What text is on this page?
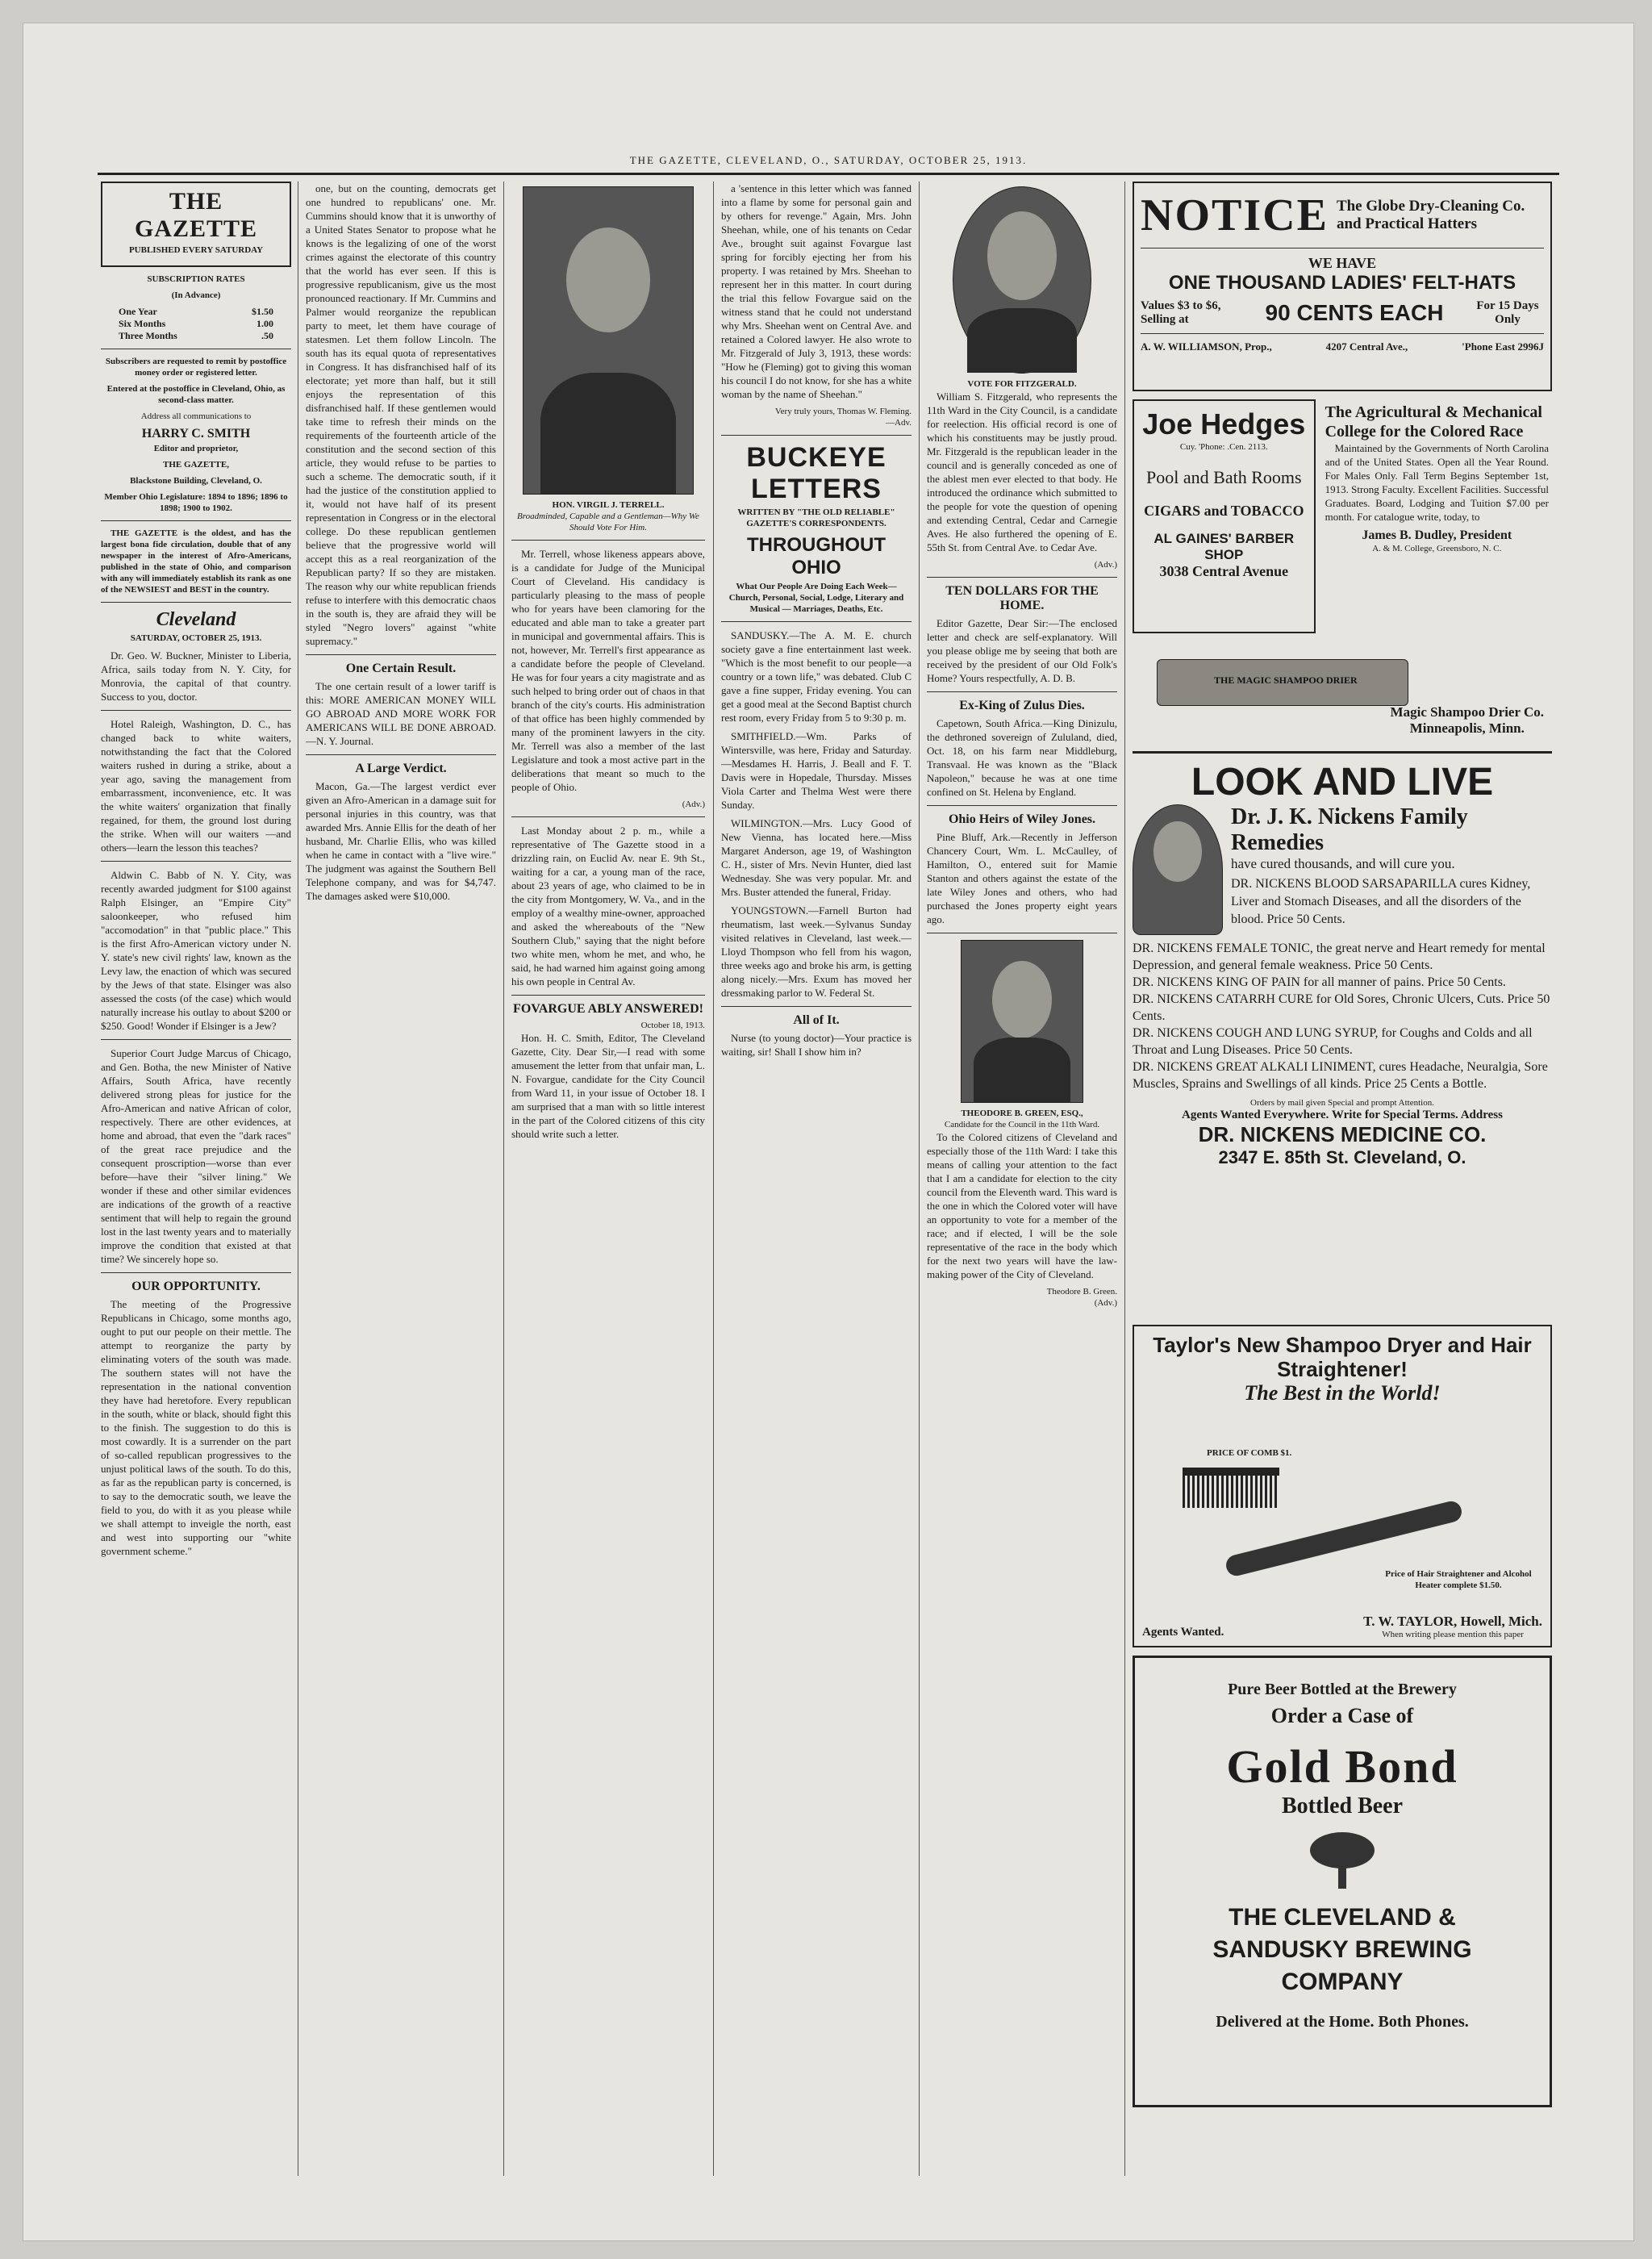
THE GAZETTE, CLEVELAND, O., SATURDAY, OCTOBER 25, 1913.
THE GAZETTE
PUBLISHED EVERY SATURDAY
SUBSCRIPTION RATES
(In Advance)
One Year	$1.50
Six Months	1.00
Three Months	.50
Subscribers are requested to remit by postoffice money order or registered letter.
Entered at the postoffice in Cleveland, Ohio, as second-class matter.
Address all communications to
HARRY C. SMITH
Editor and proprietor,
THE GAZETTE,
Blackstone Building, Cleveland, O.
Member Ohio Legislature: 1894 to 1896; 1896 to 1898; 1900 to 1902.

THE GAZETTE is the oldest, and has the largest bona fide circulation, double that of any newspaper in the interest of Afro-Americans, published in the state of Ohio, and comparison with any will immediately establish its rank as one of the NEWSIEST and BEST in the country.

Cleveland
SATURDAY, OCTOBER 25, 1913.

Dr. Geo. W. Buckner, Minister to Liberia, Africa, sails today from N. Y. City, for Monrovia, the capital of that country. Success to you, doctor.

Hotel Raleigh, Washington, D. C., has changed back to white waiters, notwithstanding the fact that the Colored waiters rushed in during a strike, about a year ago, saving the management from embarrassment, inconvenience, etc. It was the white waiters' organization that finally regained, for them, the ground lost during the strike. When will our waiters —and others—learn the lesson this teaches?

Aldwin C. Babb of N. Y. City, was recently awarded judgment for $100 against Ralph Elsinger, an "Empire City" saloonkeeper, who refused him "accomodation" in that "public place." This is the first Afro-American victory under N. Y. state's new civil rights' law, known as the Levy law, the enaction of which was secured by the Jews of that state. Elsinger was also assessed the costs (of the case) which would naturally increase his outlay to about $200 or $250. Good! Wonder if Elsinger is a Jew?

Superior Court Judge Marcus of Chicago, and Gen. Botha, the new Minister of Native Affairs, South Africa, have recently delivered strong pleas for justice for the Afro-American and native African of color, respectively. There are other evidences, at home and abroad, that even the "dark races" of the great race prejudice and the consequent proscription—worse than ever before—have their "silver lining." We wonder if these and other similar evidences are indications of the growth of a reactive sentiment that will help to regain the ground lost in the last twenty years and to materially improve the condition that existed at that time? We sincerely hope so.

OUR OPPORTUNITY.

The meeting of the Progressive Republicans in Chicago, some months ago, ought to put our people on their mettle. The attempt to reorganize the party by eliminating voters of the south was made. The southern states will not have the representation in the national convention they have had heretofore. Every republican in the south, white or black, should fight this to the finish. The suggestion to do this is most cowardly. It is a surrender on the part of so-called republican progressives to the unjust political laws of the south. To do this, as far as the republican party is concerned, is to say to the democratic south, we leave the field to you, do with it as you please while we shall attempt to inveigle the north, east and west into supporting our "white government scheme."

one, but on the counting, democrats get one hundred to republicans' one. Mr. Cummins should know that it is unworthy of a United States Senator to propose what he knows is the legalizing of one of the worst crimes against the electorate of this country that the world has ever seen. If this is progressive republicanism, give us the most pronounced reactionary. If Mr. Cummins and Palmer would reorganize the republican party to meet, let them have courage of statesmen. Let them follow Lincoln. The south has its equal quota of representatives in Congress. It has disfranchised half of its electorate; yet more than half, but it still enjoys the representation of this disfranchised half. If these gentlemen would take time to refresh their minds on the requirements of the fourteenth article of the constitution and the second section of this article, they would refuse to be parties to such a scheme. The democratic south, if it had the justice of the constitution applied to it, would not have half of its present representation in Congress or in the electoral college. Do these republican gentlemen believe that the progressive world will accept this as a real reorganization of the Republican party? If so they are mistaken. The reason why our white republican friends refuse to interfere with this democratic chaos in the south is, they are afraid they will be styled "Negro lovers" against "white supremacy."

One Certain Result.

The one certain result of a lower tariff is this: MORE AMERICAN MONEY WILL GO ABROAD AND MORE WORK FOR AMERICANS WILL BE DONE ABROAD.—N. Y. Journal.

A Large Verdict.

Macon, Ga.—The largest verdict ever given an Afro-American in a damage suit for personal injuries in this country, was that awarded Mrs. Annie Ellis for the death of her husband, Mr. Charlie Ellis, who was killed when he came in contact with a "live wire." The judgment was against the Southern Bell Telephone company, and was for $4,747. The damages asked were $10,000.

HON. VIRGIL J. TERRELL.
Broadminded, Capable and a Gentleman—Why We Should Vote For Him.

Mr. Terrell, whose likeness appears above, is a candidate for Judge of the Municipal Court of Cleveland. His candidacy is particularly pleasing to the mass of people who for years have been clamoring for the educated and able man to take a greater part in municipal and governmental affairs. This is not, however, Mr. Terrell's first appearance as a candidate before the people of Cleveland. He was for four years a city magistrate and as such helped to bring order out of chaos in that branch of the city's courts. His administration of that office has been highly commended by many of the prominent lawyers in the city. Mr. Terrell was also a member of the last Legislature and took a most active part in the deliberations that meant so much to the people of Ohio.

(Adv.)

Last Monday about 2 p. m., while a representative of The Gazette stood in a drizzling rain, on Euclid Av. near E. 9th St., waiting for a car, a young man of the race, about 23 years of age, who claimed to be in the city from Montgomery, W. Va., and in the employ of a wealthy mine-owner, approached and asked the whereabouts of the "New Southern Club," saying that the night before two white men, whom he met, and who, he said, he had warned him against going among his own people in Central Av.

FOVARGUE ABLY ANSWERED!
October 18, 1913.

Hon. H. C. Smith, Editor, The Cleveland Gazette, City. Dear Sir,—I read with some amusement the letter from that unfair man, L. N. Fovargue, candidate for the City Council from Ward 11, in your issue of October 18. I am surprised that a man with so little interest in the part of the Colored citizens of this city should write such a letter.

a 'sentence in this letter which was fanned into a flame by some for personal gain and by others for revenge." Again, Mrs. John Sheehan, while, one of his tenants on Cedar Ave., brought suit against Fovargue last spring for forcibly ejecting her from his property. I was retained by Mrs. Sheehan to represent her in this matter. In court during the trial this fellow Fovargue said on the witness stand that he could not understand why Mrs. Sheehan went on Central Ave. and retained a Colored lawyer. He also wrote to Mr. Fitzgerald of July 3, 1913, these words: "How he (Fleming) got to giving this woman his council I do not know, for she has a white woman by the name of Sheehan."

Very truly yours, Thomas W. Fleming.
—Adv.
BUCKEYE LETTERS
WRITTEN BY "THE OLD RELIABLE" GAZETTE'S CORRESPONDENTS.
THROUGHOUT OHIO
What Our People Are Doing Each Week—Church, Personal, Social, Lodge, Literary and Musical — Marriages, Deaths, Etc.

SANDUSKY.—The A. M. E. church society gave a fine entertainment last week. "Which is the most benefit to our people—a country or a town life," was debated. Club C gave a fine supper, Friday evening. You can get a good meal at the Second Baptist church rest room, every Friday from 5 to 9:30 p. m.

SMITHFIELD.—Wm. Parks of Wintersville, was here, Friday and Saturday.—Mesdames H. Harris, J. Beall and F. T. Davis were in Hopedale, Thursday. Misses Viola Carter and Thelma West were there Sunday.

WILMINGTON.—Mrs. Lucy Good of New Vienna, has located here.—Miss Margaret Anderson, age 19, of Washington C. H., sister of Mrs. Nevin Hunter, died last Wednesday. She was very popular. Mr. and Mrs. Buster attended the funeral, Friday.

YOUNGSTOWN.—Farnell Burton had rheumatism, last week.—Sylvanus Sunday visited relatives in Cleveland, last week.—Lloyd Thompson who fell from his wagon, three weeks ago and broke his arm, is getting along nicely.—Mrs. Exum has moved her dressmaking parlor to W. Federal St.

All of It.

Nurse (to young doctor)—Your practice is waiting, sir! Shall I show him in?

VOTE FOR FITZGERALD.

William S. Fitzgerald, who represents the 11th Ward in the City Council, is a candidate for reelection. His official record is one of which his constituents may be justly proud. Mr. Fitzgerald is the republican leader in the council and is generally conceded as one of the ablest men ever elected to that body. He introduced the ordinance which submitted to the people for vote the question of opening and extending Central, Cedar and Carnegie Aves. He also furthered the opening of E. 55th St. from Central Ave. to Cedar Ave.

(Adv.)
TEN DOLLARS FOR THE HOME.

Editor Gazette, Dear Sir:—The enclosed letter and check are self-explanatory. Will you please oblige me by seeing that both are received by the president of our Old Folk's Home? Yours respectfully, A. D. B.

Ex-King of Zulus Dies.

Capetown, South Africa.—King Dinizulu, the dethroned sovereign of Zululand, died, Oct. 18, on his farm near Middleburg, Transvaal. He was known as the "Black Napoleon," because he was at one time confined on St. Helena by England.

Ohio Heirs of Wiley Jones.

Pine Bluff, Ark.—Recently in Jefferson Chancery Court, Wm. L. McCaulley, of Hamilton, O., entered suit for Mamie Stanton and others against the estate of the late Wiley Jones and others, who had purchased the Jones property eight years ago.

THEODORE B. GREEN, ESQ.,
Candidate for the Council in the 11th Ward.

To the Colored citizens of Cleveland and especially those of the 11th Ward: I take this means of calling your attention to the fact that I am a candidate for election to the city council from the Eleventh ward. This ward is the one in which the Colored voter will have an opportunity to vote for a member of the race; and if elected, I will be the sole representative of the race in the body which for the next two years will have the law-making power of the City of Cleveland.

Theodore B. Green.
(Adv.)
NOTICE The Globe Dry-Cleaning Co. and Practical Hatters
WE HAVE
ONE THOUSAND LADIES' FELT-HATS
Values $3 to $6, Selling at	90 CENTS EACH	For 15 Days Only
A. W. WILLIAMSON, Prop.,	4207 Central Ave.,	'Phone East 2996J
Joe Hedges
Cuy. 'Phone: .Cen. 2113.
Pool and Bath Rooms
CIGARS and TOBACCO
AL GAINES' BARBER SHOP
3038 Central Avenue
The Agricultural & Mechanical College for the Colored Race

Maintained by the Governments of North Carolina and of the United States. Open all the Year Round. For Males Only. Fall Term Begins September 1st, 1913. Strong Faculty. Excellent Facilities. Successful Graduates. Board, Lodging and Tuition $7.00 per month. For catalogue write, today, to

James B. Dudley, President
A. & M. College, Greensboro, N. C.
THE MAGIC SHAMPOO DRIER
Magic Shampoo Drier Co.
Minneapolis, Minn.
LOOK AND LIVE
Dr. J. K. Nickens Family Remedies
have cured thousands, and will cure you.
DR. NICKENS BLOOD SARSAPARILLA cures Kidney, Liver and Stomach Diseases, and all the disorders of the blood. Price 50 Cents.
DR. NICKENS FEMALE TONIC, the great nerve and Heart remedy for mental Depression, and general female weakness. Price 50 Cents.
DR. NICKENS KING OF PAIN for all manner of pains. Price 50 Cents.
DR. NICKENS CATARRH CURE for Old Sores, Chronic Ulcers, Cuts. Price 50 Cents.
DR. NICKENS COUGH AND LUNG SYRUP, for Coughs and Colds and all Throat and Lung Diseases. Price 50 Cents.
DR. NICKENS GREAT ALKALI LINIMENT, cures Headache, Neuralgia, Sore Muscles, Sprains and Swellings of all kinds. Price 25 Cents a Bottle.
Orders by mail given Special and prompt Attention.
Agents Wanted Everywhere. Write for Special Terms. Address
DR. NICKENS MEDICINE CO.
2347 E. 85th St. Cleveland, O.
Taylor's New Shampoo Dryer and Hair Straightener!
The Best in the World!
PRICE OF COMB $1.
Price of Hair Straightener and Alcohol Heater complete $1.50.
Agents Wanted.
T. W. TAYLOR, Howell, Mich.
When writing please mention this paper
Pure Beer Bottled at the Brewery
Order a Case of
Gold Bond
Bottled Beer
THE CLEVELAND & SANDUSKY BREWING COMPANY
Delivered at the Home. Both Phones.
